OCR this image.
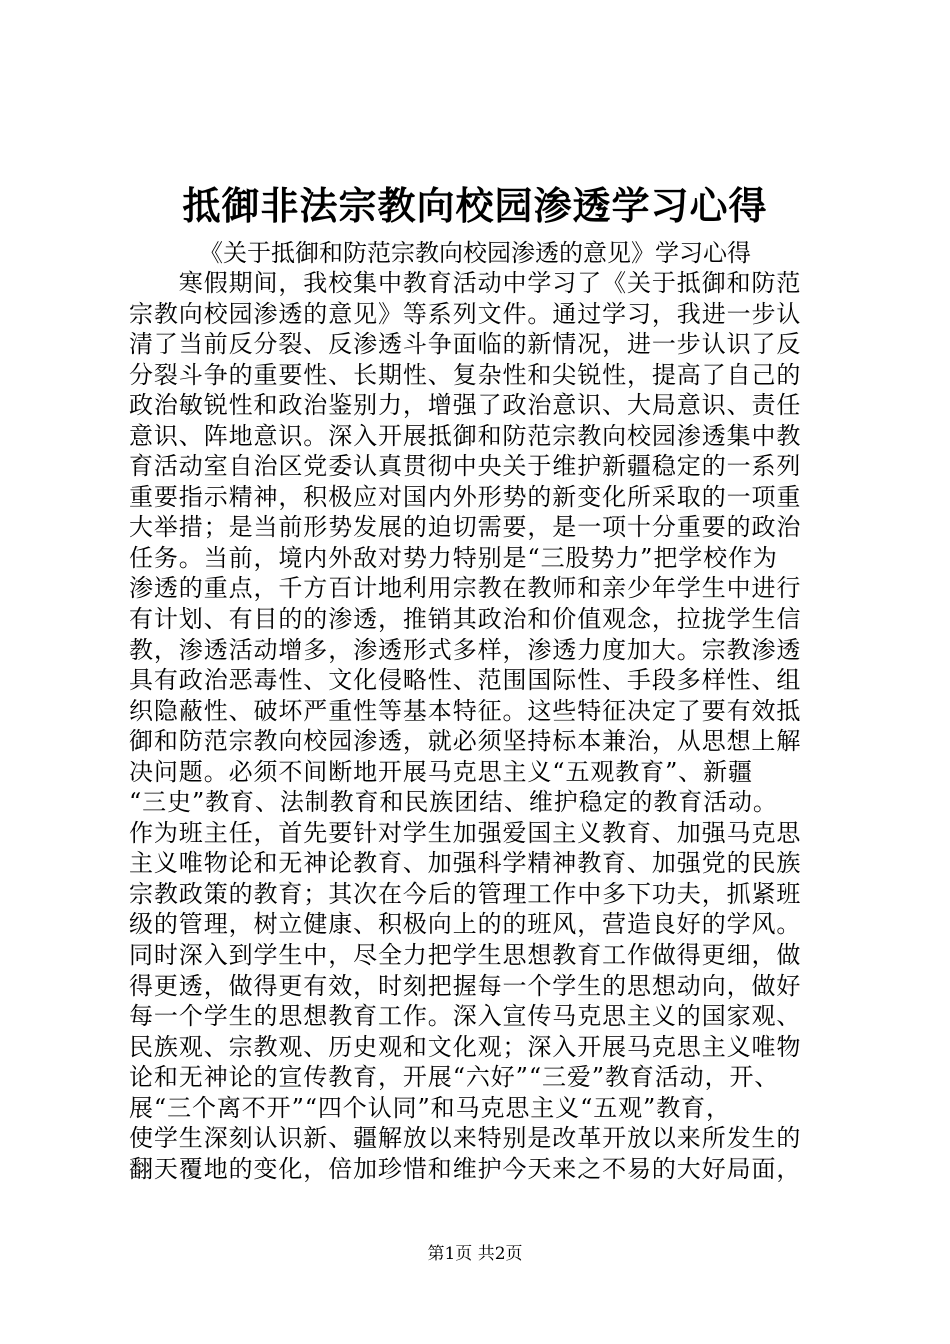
抵御非法宗教向校园渗透学习心得
《关于抵御和防范宗教向校园渗透的意见》学习心得
　　寒假期间，我校集中教育活动中学习了《关于抵御和防范
宗教向校园渗透的意见》等系列文件。通过学习，我进一步认
清了当前反分裂、反渗透斗争面临的新情况，进一步认识了反
分裂斗争的重要性、长期性、复杂性和尖锐性，提高了自己的
政治敏锐性和政治鉴别力，增强了政治意识、大局意识、责任
意识、阵地意识。深入开展抵御和防范宗教向校园渗透集中教
育活动室自治区党委认真贯彻中央关于维护新疆稳定的一系列
重要指示精神，积极应对国内外形势的新变化所采取的一项重
大举措；是当前形势发展的迫切需要，是一项十分重要的政治
任务。当前，境内外敌对势力特别是“三股势力”把学校作为
渗透的重点，千方百计地利用宗教在教师和亲少年学生中进行
有计划、有目的的渗透，推销其政治和价值观念，拉拢学生信
教，渗透活动增多，渗透形式多样，渗透力度加大。宗教渗透
具有政治恶毒性、文化侵略性、范围国际性、手段多样性、组
织隐蔽性、破坏严重性等基本特征。这些特征决定了要有效抵
御和防范宗教向校园渗透，就必须坚持标本兼治，从思想上解
决问题。必须不间断地开展马克思主义“五观教育”、新疆
“三史”教育、法制教育和民族团结、维护稳定的教育活动。
作为班主任，首先要针对学生加强爱国主义教育、加强马克思
主义唯物论和无神论教育、加强科学精神教育、加强党的民族
宗教政策的教育；其次在今后的管理工作中多下功夫，抓紧班
级的管理，树立健康、积极向上的的班风，营造良好的学风。
同时深入到学生中，尽全力把学生思想教育工作做得更细，做
得更透，做得更有效，时刻把握每一个学生的思想动向，做好
每一个学生的思想教育工作。深入宣传马克思主义的国家观、
民族观、宗教观、历史观和文化观；深入开展马克思主义唯物
论和无神论的宣传教育，开展“六好”“三爱”教育活动，开、
展“三个离不开”“四个认同”和马克思主义“五观”教育，
使学生深刻认识新、疆解放以来特别是改革开放以来所发生的
翻天覆地的变化，倍加珍惜和维护今天来之不易的大好局面，
第1页 共2页
